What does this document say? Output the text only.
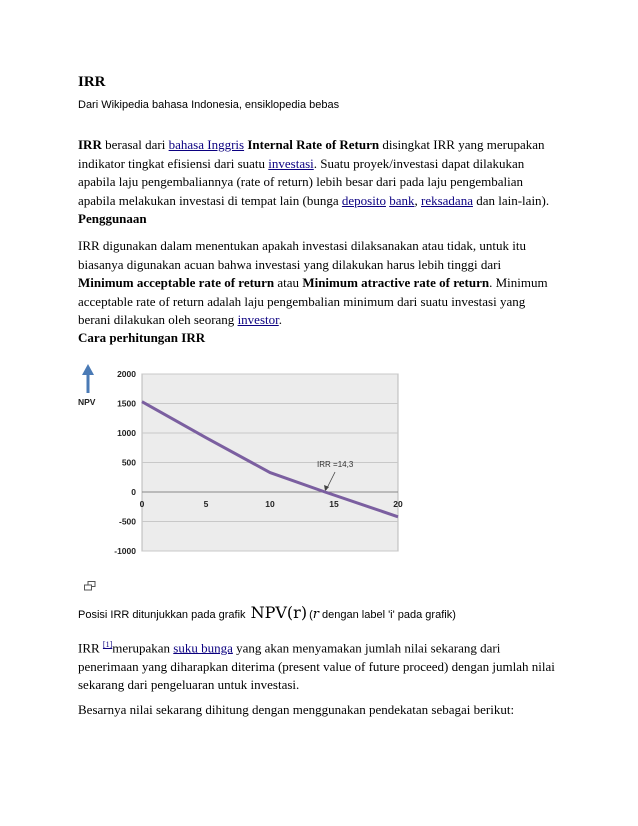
IRR
Dari Wikipedia bahasa Indonesia, ensiklopedia bebas
IRR berasal dari bahasa Inggris Internal Rate of Return disingkat IRR yang merupakan indikator tingkat efisiensi dari suatu investasi. Suatu proyek/investasi dapat dilakukan apabila laju pengembaliannya (rate of return) lebih besar dari pada laju pengembalian apabila melakukan investasi di tempat lain (bunga deposito bank, reksadana dan lain-lain).
Penggunaan
IRR digunakan dalam menentukan apakah investasi dilaksanakan atau tidak, untuk itu biasanya digunakan acuan bahwa investasi yang dilakukan harus lebih tinggi dari Minimum acceptable rate of return atau Minimum atractive rate of return. Minimum acceptable rate of return adalah laju pengembalian minimum dari suatu investasi yang berani dilakukan oleh seorang investor.
Cara perhitungan IRR
2000
1500
1000
500
0
-500
-1000
0	5	10	15	20
NPV
IRR =14,3
Posisi IRR ditunjukkan pada grafik NPV(r) (r dengan label 'i' pada grafik)
IRR [1]merupakan suku bunga yang akan menyamakan jumlah nilai sekarang dari penerimaan yang diharapkan diterima (present value of future proceed) dengan jumlah nilai sekarang dari pengeluaran untuk investasi.
Besarnya nilai sekarang dihitung dengan menggunakan pendekatan sebagai berikut:
